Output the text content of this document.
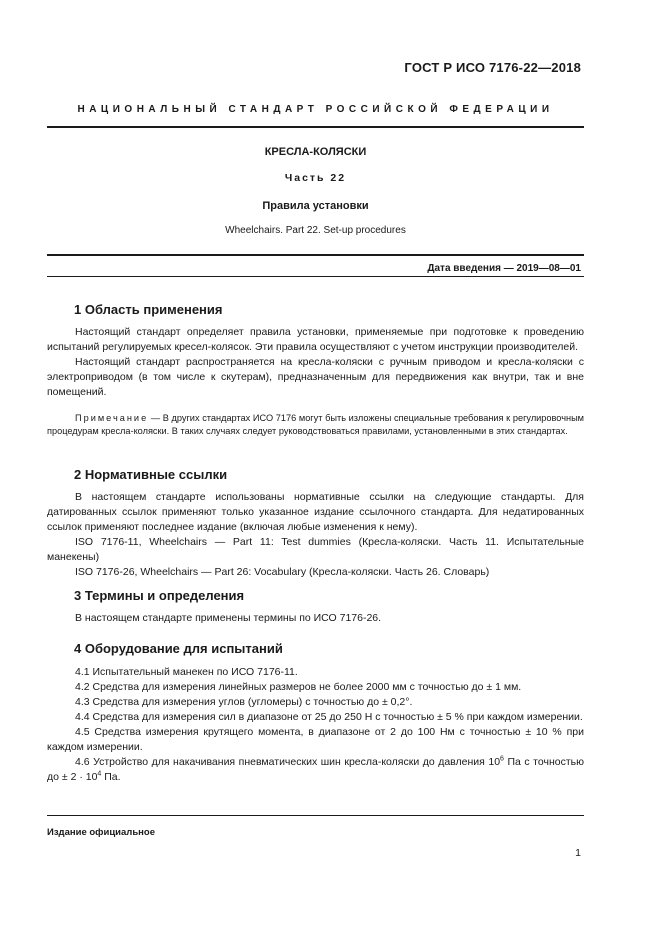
ГОСТ Р ИСО 7176-22—2018
НАЦИОНАЛЬНЫЙ СТАНДАРТ РОССИЙСКОЙ ФЕДЕРАЦИИ
КРЕСЛА-КОЛЯСКИ
Часть 22
Правила установки
Wheelchairs. Part 22. Set-up procedures
Дата введения — 2019—08—01
1 Область применения

Настоящий стандарт определяет правила установки, применяемые при подготовке к проведению испытаний регулируемых кресел-колясок. Эти правила осуществляют с учетом инструкции производителей.

Настоящий стандарт распространяется на кресла-коляски с ручным приводом и кресла-коляски с электроприводом (в том числе к скутерам), предназначенным для передвижения как внутри, так и вне помещений.

Примечание — В других стандартах ИСО 7176 могут быть изложены специальные требования к регулировочным процедурам кресла-коляски. В таких случаях следует руководствоваться правилами, установленными в этих стандартах.

2 Нормативные ссылки

В настоящем стандарте использованы нормативные ссылки на следующие стандарты. Для датированных ссылок применяют только указанное издание ссылочного стандарта. Для недатированных ссылок применяют последнее издание (включая любые изменения к нему).

ISO 7176-11, Wheelchairs — Part 11: Test dummies (Кресла-коляски. Часть 11. Испытательные манекены)

ISO 7176-26, Wheelchairs — Part 26: Vocabulary (Кресла-коляски. Часть 26. Словарь)

3 Термины и определения

В настоящем стандарте применены термины по ИСО 7176-26.

4 Оборудование для испытаний

4.1 Испытательный манекен по ИСО 7176-11.

4.2 Средства для измерения линейных размеров не более 2000 мм с точностью до ± 1 мм.

4.3 Средства для измерения углов (угломеры) с точностью до ± 0,2°.

4.4 Средства для измерения сил в диапазоне от 25 до 250 Н с точностью ± 5 % при каждом измерении.

4.5 Средства измерения крутящего момента, в диапазоне от 2 до 100 Нм с точностью ± 10 % при каждом измерении.

4.6 Устройство для накачивания пневматических шин кресла-коляски до давления $10^6$ Па с точностью до ± $2 \cdot 10^4$ Па.

Издание официальное
1
